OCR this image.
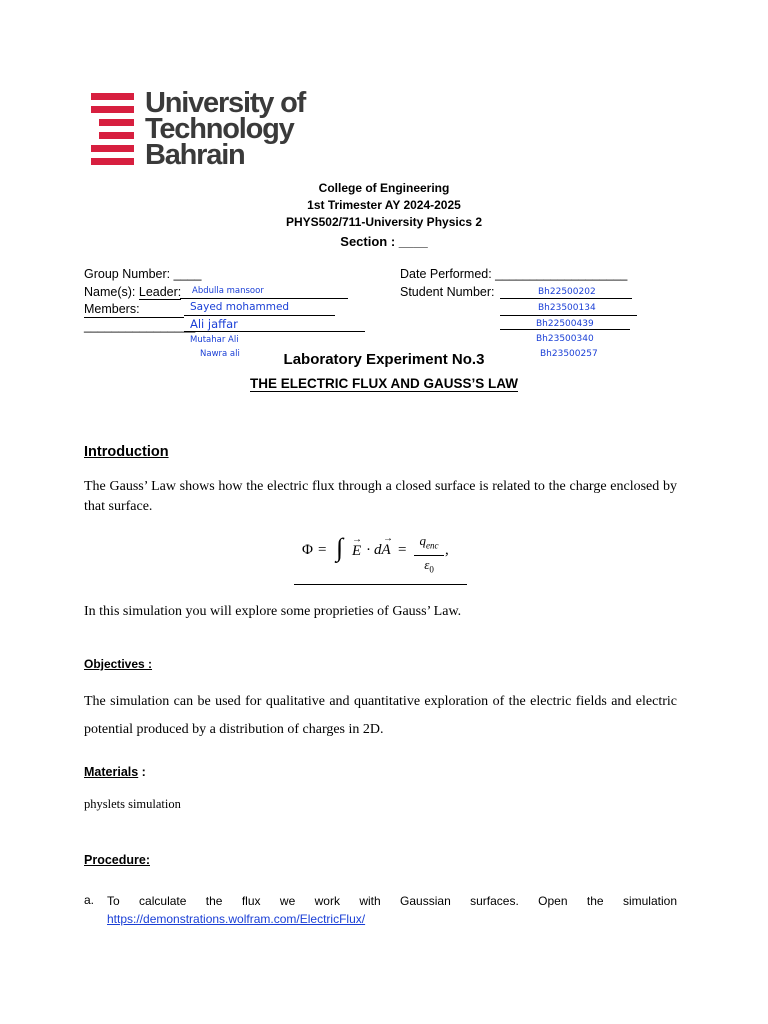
University of
Technology
Bahrain
College of Engineering
1st Trimester AY 2024-2025
PHYS502/711-University Physics 2
Section : ____
Group Number: ____
Name(s): Leader: Abdulla mansoor
Members:	Sayed mohammed
________________
Ali jaffar
Mutahar Ali
Nawra ali
Date Performed: ___________________
Student Number:	Bh22500202
Bh23500134
Bh22500439
Bh23500340
Bh23500257
Laboratory Experiment No.3
THE ELECTRIC FLUX AND GAUSS’S LAW
Introduction
The Gauss’ Law shows how the electric flux through a closed surface is related to the charge enclosed by that surface.
Φ = ∫
→ E · dA
→
=
$q_{enc}$
$\varepsilon_0$
,
In this simulation you will explore some proprieties of Gauss’ Law.
Objectives :
The simulation can be used for qualitative and quantitative exploration of the electric fields and electric potential produced by a distribution of charges in 2D.
Materials :
physlets simulation
Procedure:
a. To calculate the flux we work with Gaussian surfaces. Open the simulation
https://demonstrations.wolfram.com/ElectricFlux/
